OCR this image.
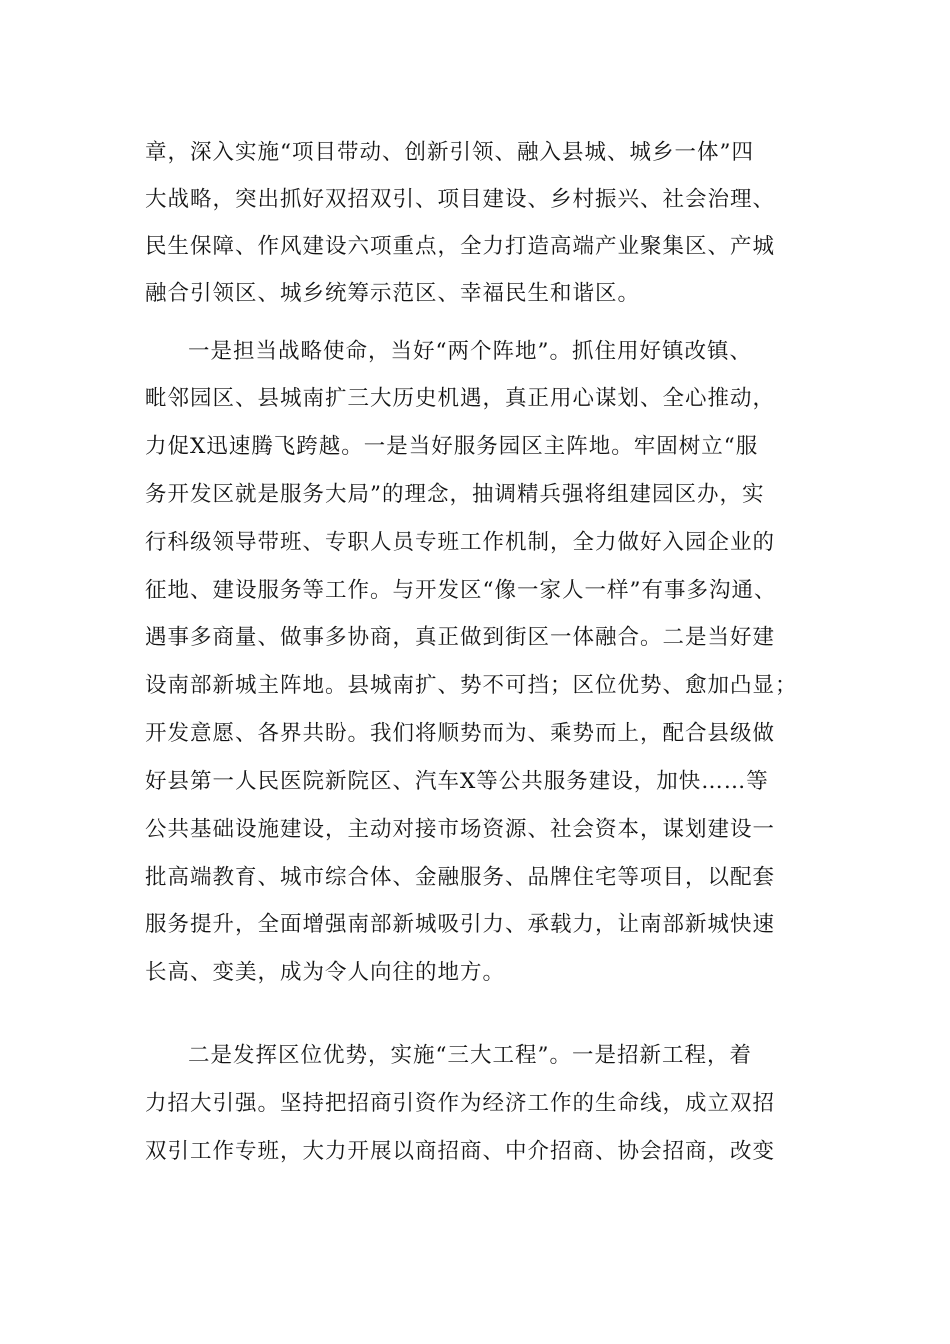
章，深入实施“项目带动、创新引领、融入县城、城乡一体”四
大战略，突出抓好双招双引、项目建设、乡村振兴、社会治理、
民生保障、作风建设六项重点，全力打造高端产业聚集区、产城
融合引领区、城乡统筹示范区、幸福民生和谐区。
一是担当战略使命，当好“两个阵地”。抓住用好镇改镇、
毗邻园区、县城南扩三大历史机遇，真正用心谋划、全心推动，
力促X迅速腾飞跨越。一是当好服务园区主阵地。牢固树立“服
务开发区就是服务大局”的理念，抽调精兵强将组建园区办，实
行科级领导带班、专职人员专班工作机制，全力做好入园企业的
征地、建设服务等工作。与开发区“像一家人一样”有事多沟通、
遇事多商量、做事多协商，真正做到街区一体融合。二是当好建
设南部新城主阵地。县城南扩、势不可挡；区位优势、愈加凸显；
开发意愿、各界共盼。我们将顺势而为、乘势而上，配合县级做
好县第一人民医院新院区、汽车X等公共服务建设，加快……等
公共基础设施建设，主动对接市场资源、社会资本，谋划建设一
批高端教育、城市综合体、金融服务、品牌住宅等项目，以配套
服务提升，全面增强南部新城吸引力、承载力，让南部新城快速
长高、变美，成为令人向往的地方。
二是发挥区位优势，实施“三大工程”。一是招新工程，着
力招大引强。坚持把招商引资作为经济工作的生命线，成立双招
双引工作专班，大力开展以商招商、中介招商、协会招商，改变
